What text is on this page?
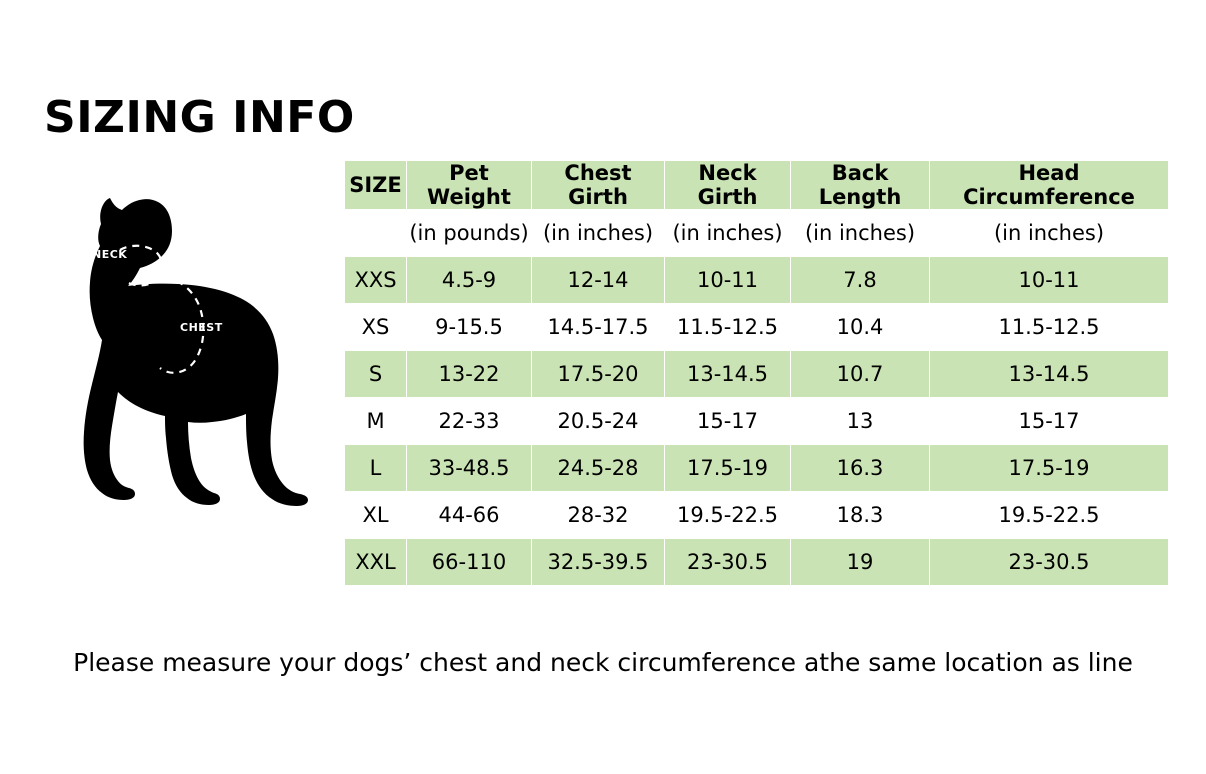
SIZING INFO
NECK
CHEST
SIZE	Pet Weight	Chest Girth	Neck Girth	Back Length	Head Circumference
	(in pounds)	(in inches)	(in inches)	(in inches)	(in inches)
XXS	4.5-9	12-14	10-11	7.8	10-11
XS	9-15.5	14.5-17.5	11.5-12.5	10.4	11.5-12.5
S	13-22	17.5-20	13-14.5	10.7	13-14.5
M	22-33	20.5-24	15-17	13	15-17
L	33-48.5	24.5-28	17.5-19	16.3	17.5-19
XL	44-66	28-32	19.5-22.5	18.3	19.5-22.5
XXL	66-110	32.5-39.5	23-30.5	19	23-30.5
Please measure your dogs’ chest and neck circumference athe same location as line
